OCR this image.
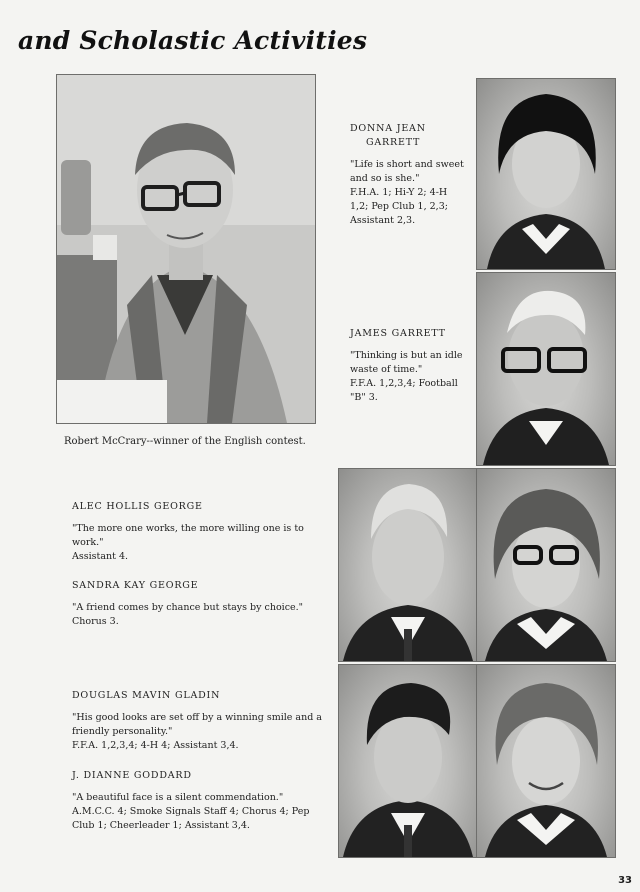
and Scholastic Activities
Robert McCrary--winner of the English contest.

DONNA JEAN

GARRETT

"Life is short and sweet and so is she."

F.H.A. 1; Hi-Y 2; 4-H 1,2; Pep Club 1, 2,3; Assistant 2,3.

JAMES GARRETT

"Thinking is but an idle waste of time."

F.F.A. 1,2,3,4; Football "B" 3.

ALEC HOLLIS GEORGE

"The more one works, the more willing one is to work."

Assistant 4.

SANDRA KAY GEORGE

"A friend comes by chance but stays by choice."

Chorus 3.

DOUGLAS MAVIN GLADIN

"His good looks are set off by a winning smile and a friendly personality."

F.F.A. 1,2,3,4; 4-H 4; Assistant 3,4.

J. DIANNE GODDARD

"A beautiful face is a silent commendation."

A.M.C.C. 4; Smoke Signals Staff 4; Chorus 4; Pep Club 1; Cheerleader 1; Assistant 3,4.

33
